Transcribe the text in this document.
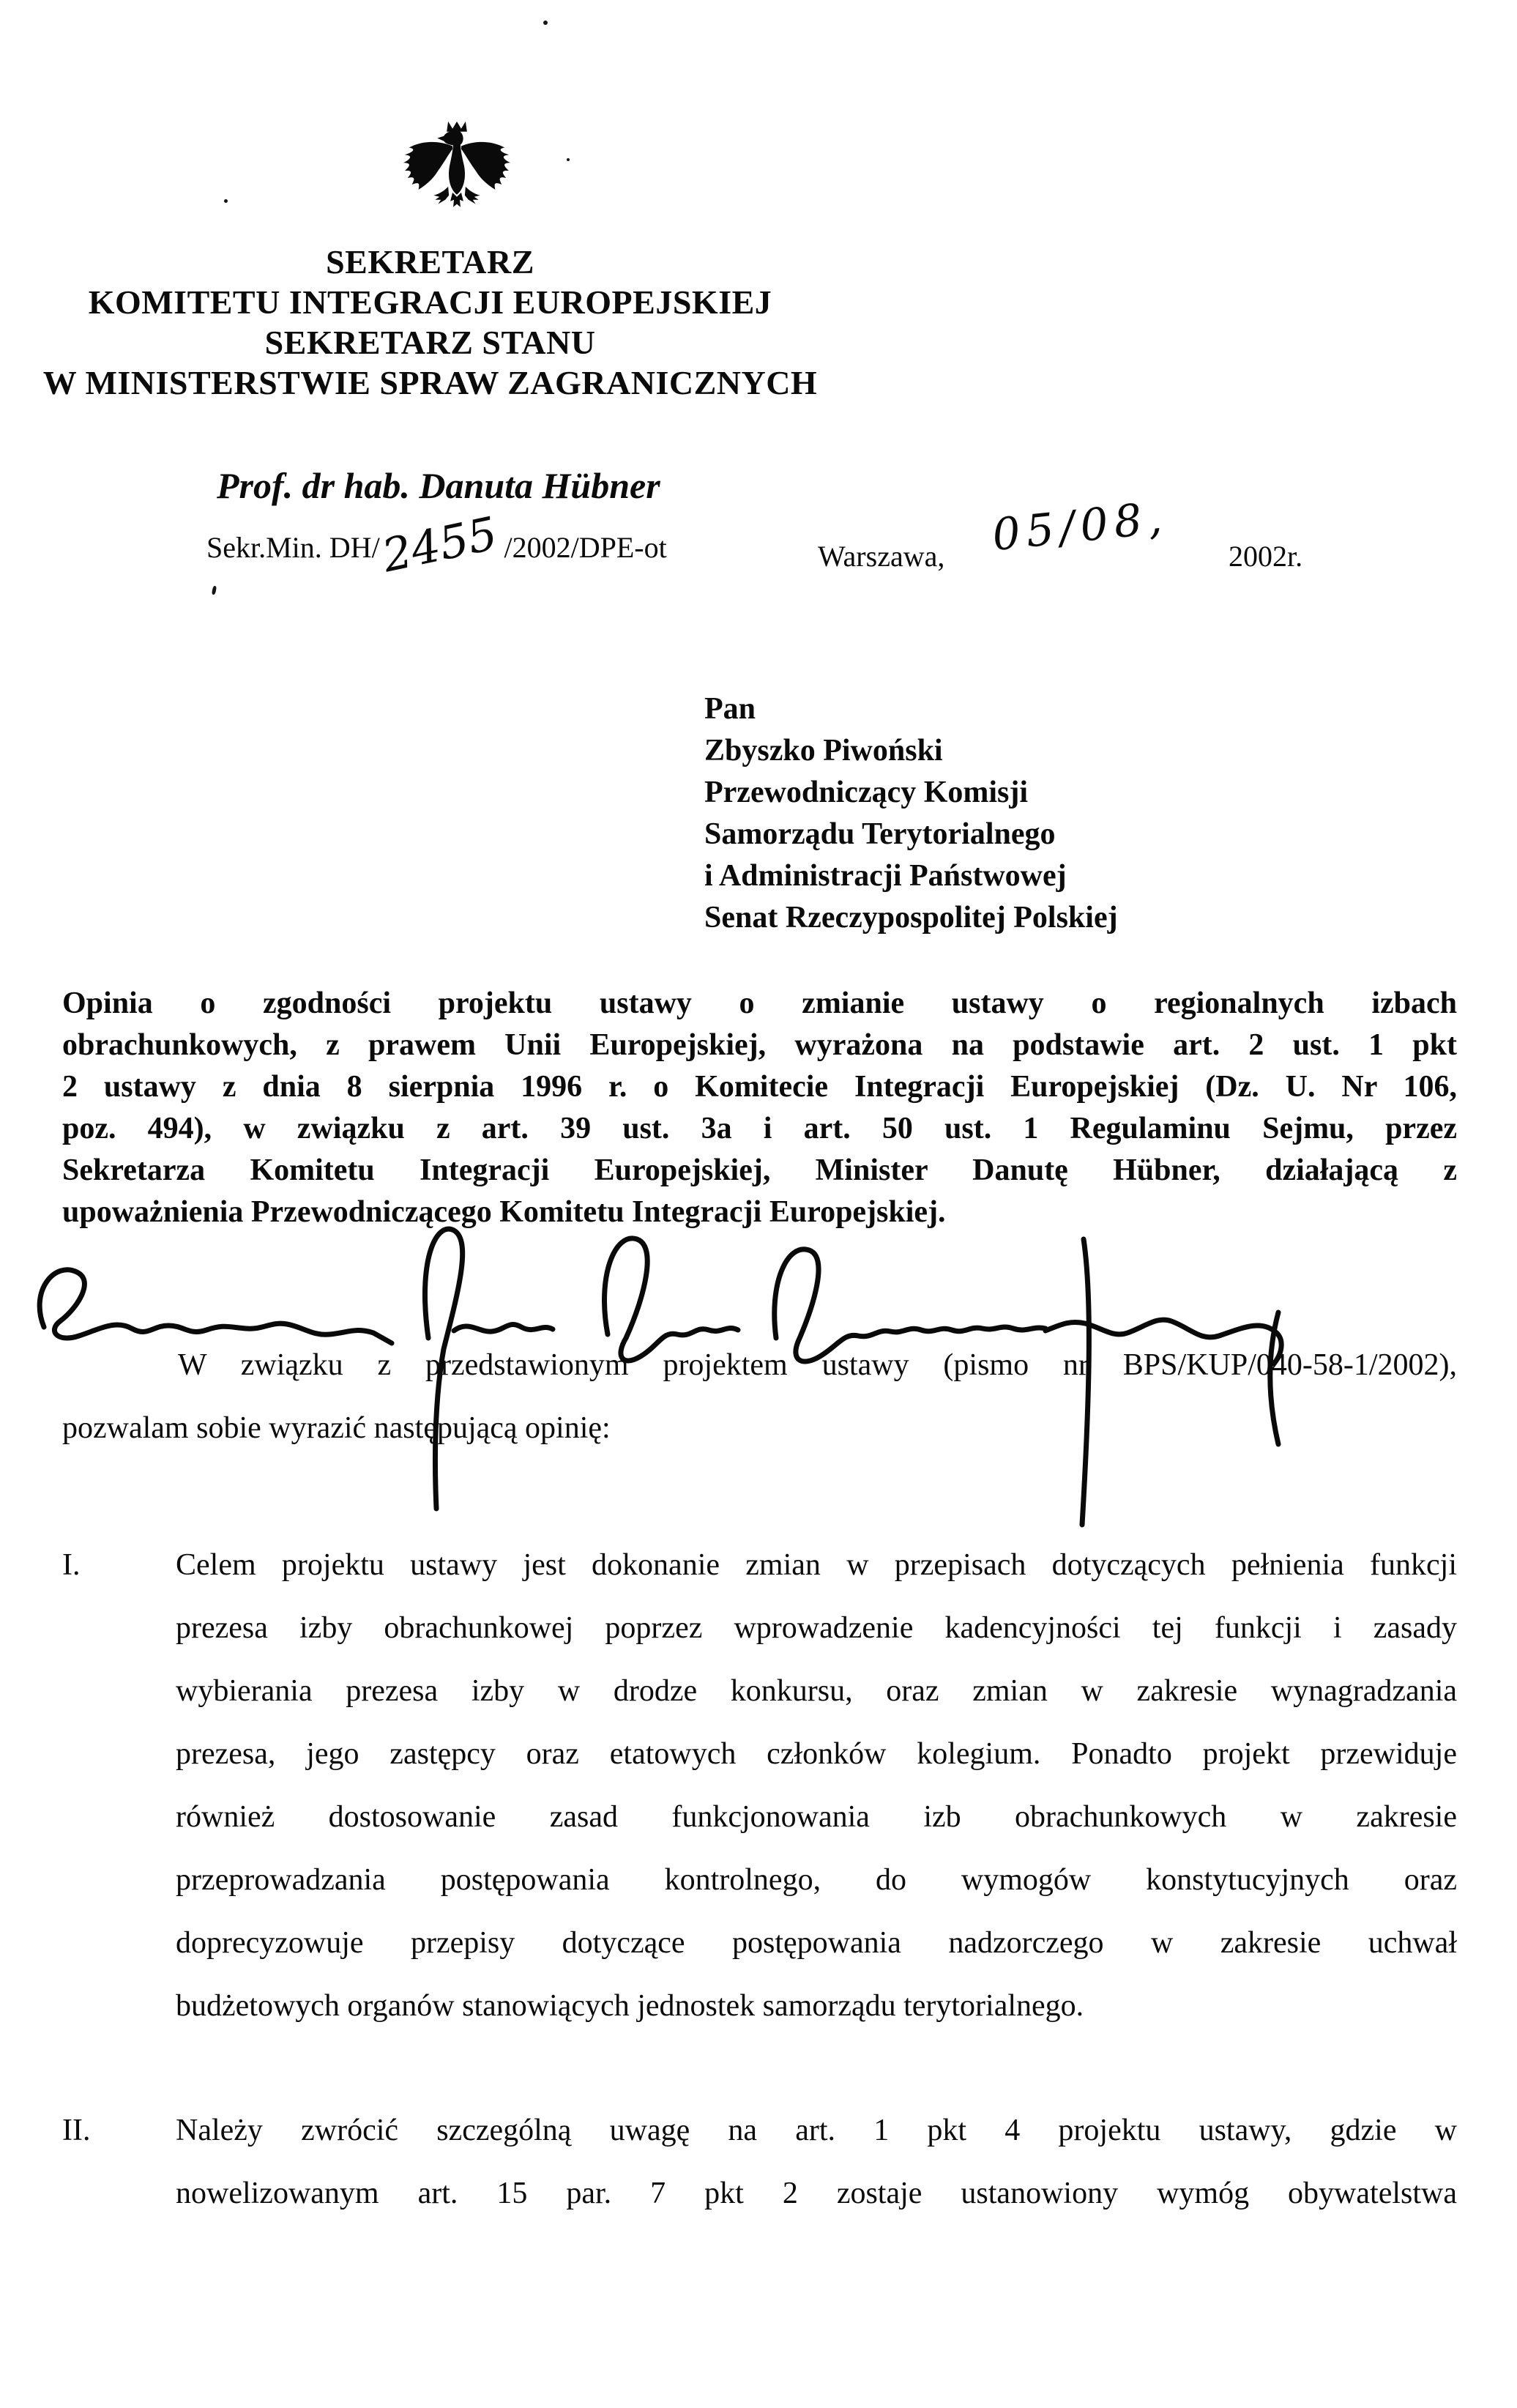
SEKRETARZ
KOMITETU INTEGRACJI EUROPEJSKIEJ
SEKRETARZ STANU
W MINISTERSTWIE SPRAW ZAGRANICZNYCH
Prof. dr hab. Danuta Hübner
Sekr.Min. DH/2455/2002/DPE-ot	Warszawa, 05/08, 2002r.
Pan
Zbyszko Piwoński
Przewodniczący Komisji
Samorządu Terytorialnego
i Administracji Państwowej
Senat Rzeczypospolitej Polskiej
Opinia o zgodności projektu ustawy o zmianie ustawy o regionalnych izbach
obrachunkowych, z prawem Unii Europejskiej, wyrażona na podstawie art. 2 ust. 1 pkt
2 ustawy z dnia 8 sierpnia 1996 r. o Komitecie Integracji Europejskiej (Dz. U. Nr 106,
poz. 494), w związku z art. 39 ust. 3a i art. 50 ust. 1 Regulaminu Sejmu, przez
Sekretarza Komitetu Integracji Europejskiej, Minister Danutę Hübner, działającą z
upoważnienia Przewodniczącego Komitetu Integracji Europejskiej.
W związku z przedstawionym projektem ustawy (pismo nr BPS/KUP/040-58-1/2002),
pozwalam sobie wyrazić następującą opinię:
I.	Celem projektu ustawy jest dokonanie zmian w przepisach dotyczących pełnienia funkcji
prezesa izby obrachunkowej poprzez wprowadzenie kadencyjności tej funkcji i zasady
wybierania prezesa izby w drodze konkursu, oraz zmian w zakresie wynagradzania
prezesa, jego zastępcy oraz etatowych członków kolegium. Ponadto projekt przewiduje
również dostosowanie zasad funkcjonowania izb obrachunkowych w zakresie
przeprowadzania postępowania kontrolnego, do wymogów konstytucyjnych oraz
doprecyzowuje przepisy dotyczące postępowania nadzorczego w zakresie uchwał
budżetowych organów stanowiących jednostek samorządu terytorialnego.
II.	Należy zwrócić szczególną uwagę na art. 1 pkt 4 projektu ustawy, gdzie w
nowelizowanym art. 15 par. 7 pkt 2 zostaje ustanowiony wymóg obywatelstwa
